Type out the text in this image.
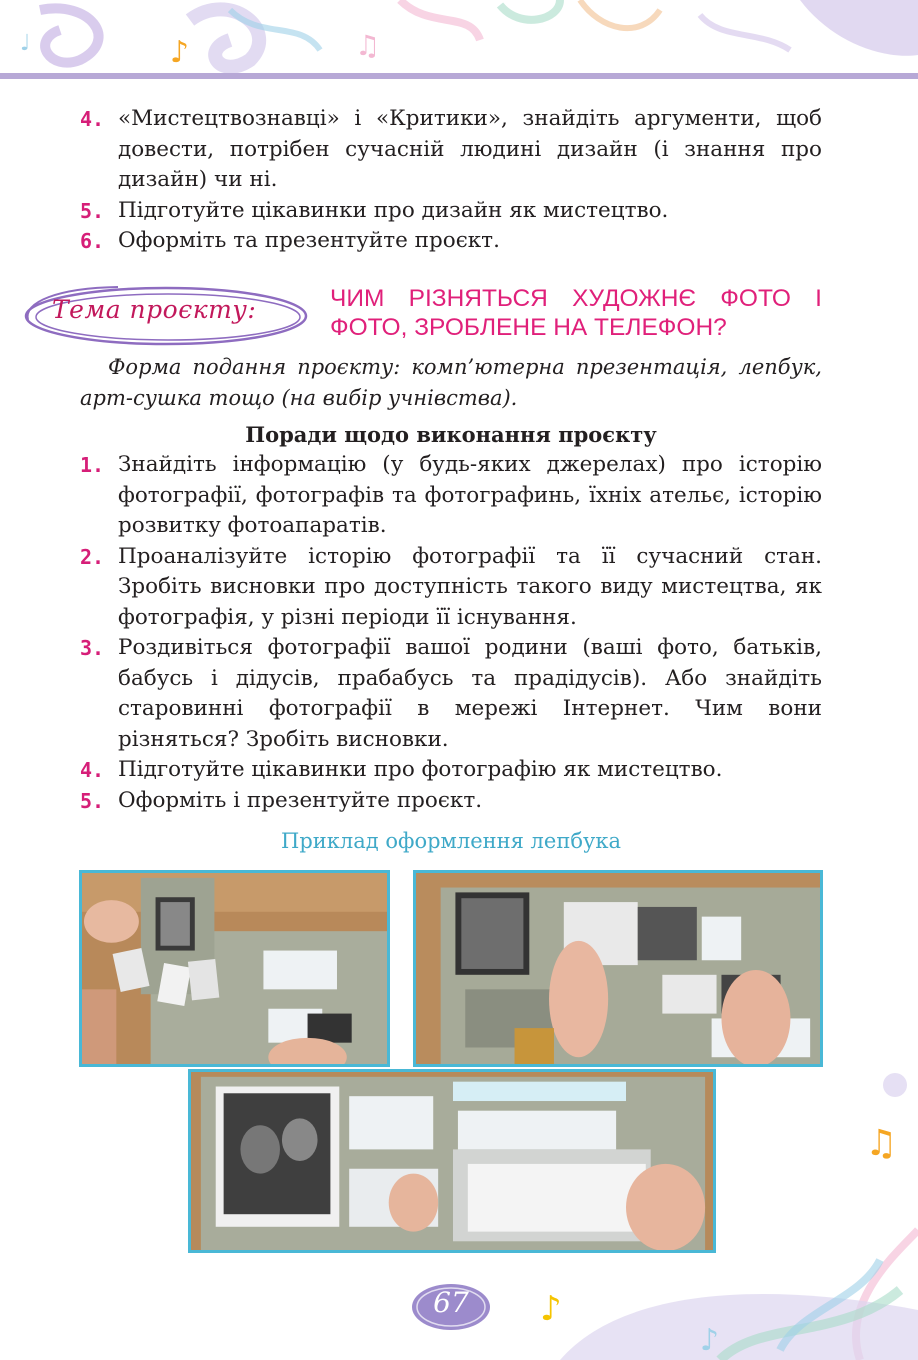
♪	♫
♩
4. «Мистецтвознавці» і «Критики», знайдіть аргументи, щоб довести, потрібен сучасній людині дизайн (і знання про дизайн) чи ні.
5. Підготуйте цікавинки про дизайн як мистецтво.
6. Оформіть та презентуйте проєкт.
Тема проєкту:	ЧИМ РІЗНЯТЬСЯ ХУДОЖНЄ ФОТО І ФОТО, ЗРОБЛЕНЕ НА ТЕЛЕФОН?
Форма подання проєкту: комп’ютерна презентація, лепбук, арт-сушка тощо (на вибір учнівства).
Поради щодо виконання проєкту
1. Знайдіть інформацію (у будь-яких джерелах) про історію фотографії, фотографів та фотографинь, їхніх ательє, історію розвитку фотоапаратів.
2. Проаналізуйте історію фотографії та її сучасний стан. Зробіть висновки про доступність такого виду мистецтва, як фотографія, у різні періоди її існування.
3. Роздивіться фотографії вашої родини (ваші фото, батьків, бабусь і дідусів, прабабусь та прадідусів). Або знайдіть старовинні фотографії в мережі Інтернет. Чим вони різняться? Зробіть висновки.
4. Підготуйте цікавинки про фотографію як мистецтво.
5. Оформіть і презентуйте проєкт.
Приклад оформлення лепбука
♫
♪
♪
67
